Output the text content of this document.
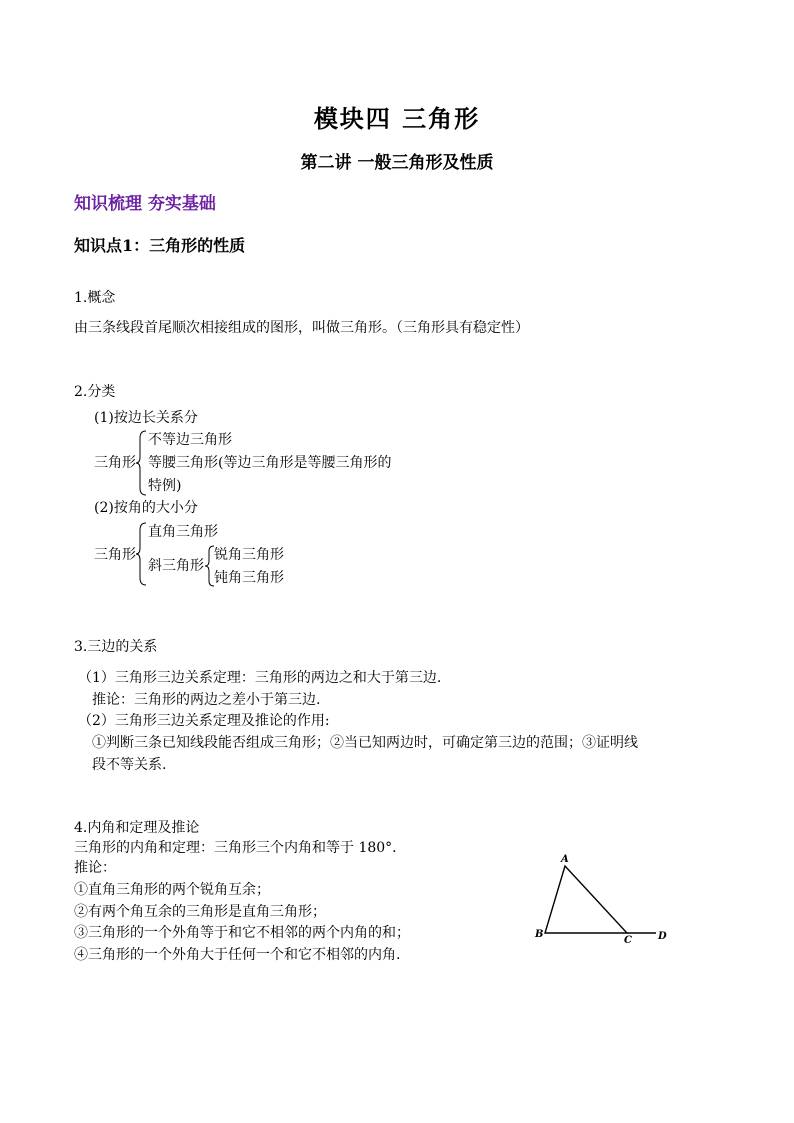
模块四 三角形
第二讲 一般三角形及性质
知识梳理 夯实基础
知识点1：三角形的性质
1.概念
由三条线段首尾顺次相接组成的图形，叫做三角形。（三角形具有稳定性）
2.分类
(1)按边长关系分
三角形
不等边三角形
等腰三角形(等边三角形是等腰三角形的
特例)
(2)按角的大小分
三角形
直角三角形
斜三角形
锐角三角形
钝角三角形
3.三边的关系
（1）三角形三边关系定理：三角形的两边之和大于第三边.
推论：三角形的两边之差小于第三边.
（2）三角形三边关系定理及推论的作用:
①判断三条已知线段能否组成三角形；②当已知两边时，可确定第三边的范围；③证明线
段不等关系.
4.内角和定理及推论
三角形的内角和定理：三角形三个内角和等于 180°．
推论：
①直角三角形的两个锐角互余；
②有两个角互余的三角形是直角三角形；
③三角形的一个外角等于和它不相邻的两个内角的和；
④三角形的一个外角大于任何一个和它不相邻的内角.
A
B
C	D
